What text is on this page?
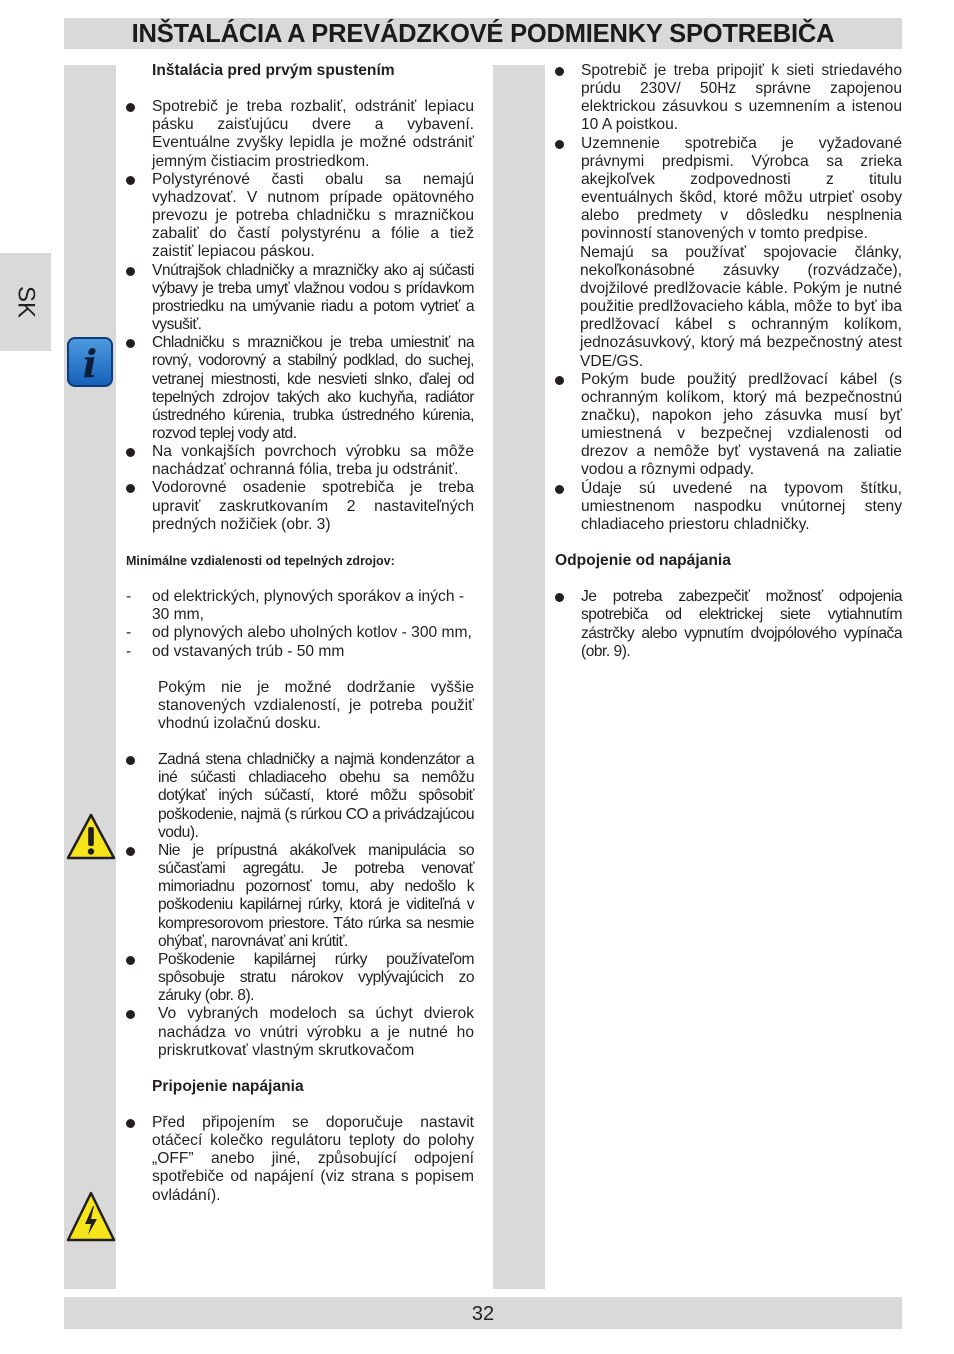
INŠTALÁCIA A PREVÁDZKOVÉ PODMIENKY SPOTREBIČA
SK
32
i

Inštalácia pred prvým spustením

Spotrebič je treba rozbaliť, odstrániť lepiacu pásku zaisťujúcu dvere a vybavení. Eventuálne zvyšky lepidla je možné odstrániť jemným čistiacim prostriedkom.

Polystyrénové časti obalu sa nemajú vyhadzovať. V nutnom prípade opätovného prevozu je potreba chladničku s mrazničkou zabaliť do častí polystyrénu a fólie a tiež zaistiť lepiacou páskou.

Vnútrajšok chladničky a mrazničky ako aj súčasti výbavy je treba umyť vlažnou vodou s prídavkom prostriedku na umývanie riadu a potom vytrieť a vysušiť.

Chladničku s mrazničkou je treba umiestniť na rovný, vodorovný a stabilný podklad, do suchej, vetranej miestnosti, kde nesvieti slnko, ďalej od tepelných zdrojov takých ako kuchyňa, radiátor ústredného kúrenia, trubka ústredného kúrenia, rozvod teplej vody atd.

Na vonkajších povrchoch výrobku sa môže nachádzať ochranná fólia, treba ju odstrániť.

Vodorovné osadenie spotrebiča je treba upraviť zaskrutkovaním 2 nastaviteľných predných nožičiek (obr. 3)

Minimálne vzdialenosti od tepelných zdrojov:

- od elektrických, plynových sporákov a iných - 30 mm,

- od plynových alebo uholných kotlov - 300 mm,

- od vstavaných trúb - 50 mm

Pokým nie je možné dodržanie vyššie stanovených vzdialeností, je potreba použiť vhodnú izolačnú dosku.

Zadná stena chladničky a najmä kondenzátor a iné súčasti chladiaceho obehu sa nemôžu dotýkať iných súčastí, ktoré môžu spôsobiť poškodenie, najmä (s rúrkou CO a privádzajúcou vodu).

Nie je prípustná akákoľvek manipulácia so súčasťami agregátu. Je potreba venovať mimoriadnu pozornosť tomu, aby nedošlo k poškodeniu kapilárnej rúrky, ktorá je viditeľná v kompresorovom priestore. Táto rúrka sa nesmie ohýbať, narovnávať ani krútiť.

Poškodenie kapilárnej rúrky používateľom spôsobuje stratu nárokov vyplývajúcich zo záruky (obr. 8).

Vo vybraných modeloch sa úchyt dvierok nachádza vo vnútri výrobku a je nutné ho priskrutkovať vlastným skrutkovačom

Pripojenie napájania

Před připojením se doporučuje nastavit otáčecí kolečko regulátoru teploty do polohy „OFF” anebo jiné, způsobující odpojení spotřebiče od napájení (viz strana s popisem ovládání).

Spotrebič je treba pripojiť k sieti striedavého prúdu 230V/ 50Hz správne zapojenou elektrickou zásuvkou s uzemnením a istenou 10 A poistkou.

Uzemnenie spotrebiča je vyžadované právnymi predpismi. Výrobca sa zrieka akejkoľvek zodpovednosti z titulu eventuálnych škôd, ktoré môžu utrpieť osoby alebo predmety v dôsledku nesplnenia povinností stanovených v tomto predpise.

Nemajú sa používať spojovacie články, nekoľkonásobné zásuvky (rozvádzače), dvojžilové predlžovacie káble. Pokým je nutné použitie predlžovacieho kábla, môže to byť iba predlžovací kábel s ochranným kolíkom, jednozásuvkový, ktorý má bezpečnostný atest VDE/GS.

Pokým bude použitý predlžovací kábel (s ochranným kolíkom, ktorý má bezpečnostnú značku), napokon jeho zásuvka musí byť umiestnená v bezpečnej vzdialenosti od drezov a nemôže byť vystavená na zaliatie vodou a rôznymi odpady.

Údaje sú uvedené na typovom štítku, umiestnenom naspodku vnútornej steny chladiaceho priestoru chladničky.

Odpojenie od napájania

Je potreba zabezpečiť možnosť odpojenia spotrebiča od elektrickej siete vytiahnutím zástrčky alebo vypnutím dvojpólového vypínača (obr. 9).
